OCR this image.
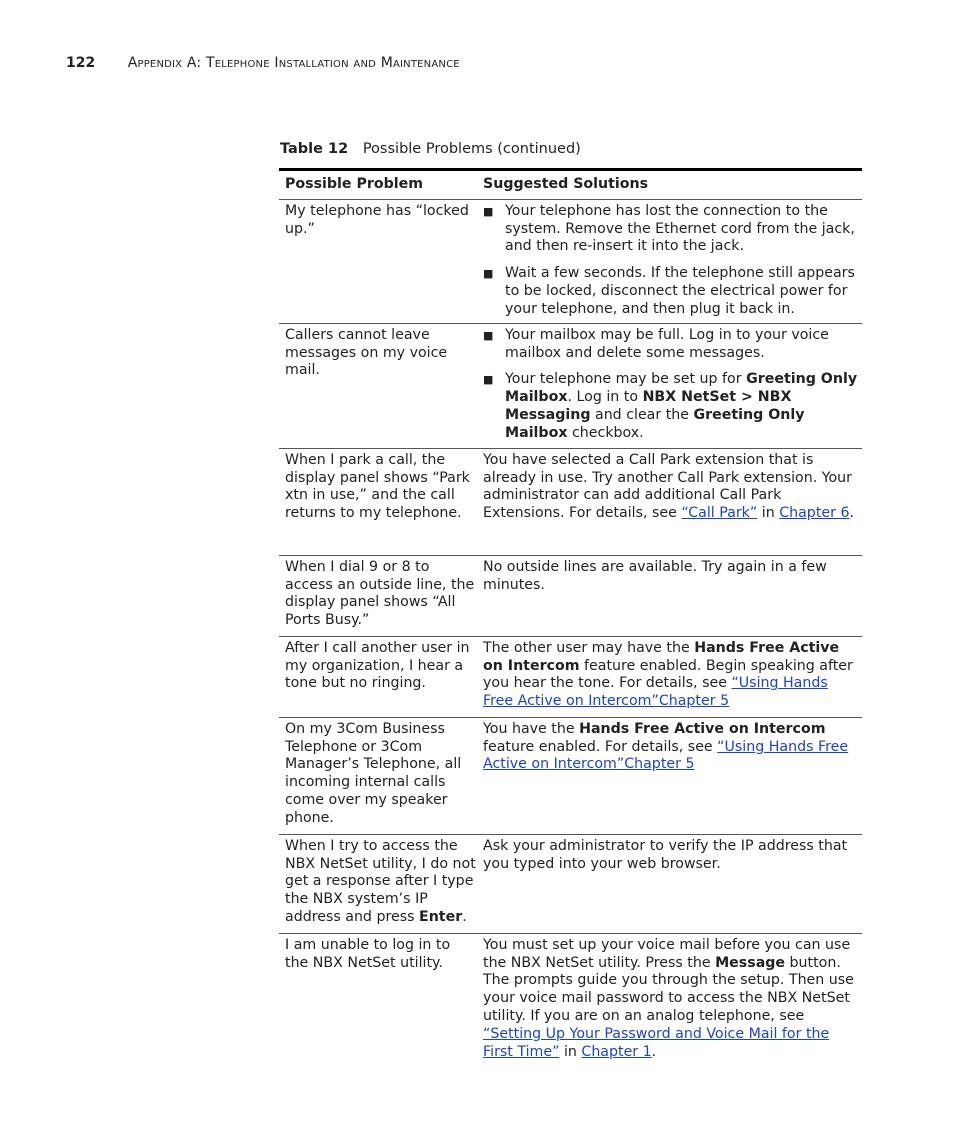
122 Appendix A: Telephone Installation and Maintenance
Table 12 Possible Problems (continued)
Possible Problem	Suggested Solutions
My telephone has “locked up.”
■ Your telephone has lost the connection to the system. Remove the Ethernet cord from the jack, and then re-insert it into the jack.
■ Wait a few seconds. If the telephone still appears to be locked, disconnect the electrical power for your telephone, and then plug it back in.
Callers cannot leave messages on my voice mail.
■ Your mailbox may be full. Log in to your voice mailbox and delete some messages.
■ Your telephone may be set up for Greeting Only Mailbox. Log in to NBX NetSet > NBX Messaging and clear the Greeting Only Mailbox checkbox.
When I park a call, the display panel shows “Park xtn in use,” and the call returns to my telephone.
You have selected a Call Park extension that is already in use. Try another Call Park extension. Your administrator can add additional Call Park Extensions. For details, see “Call Park” in Chapter 6.
When I dial 9 or 8 to access an outside line, the display panel shows “All Ports Busy.”
No outside lines are available. Try again in a few minutes.
After I call another user in my organization, I hear a tone but no ringing.
The other user may have the Hands Free Active on Intercom feature enabled. Begin speaking after you hear the tone. For details, see “Using Hands Free Active on Intercom”Chapter 5
On my 3Com Business Telephone or 3Com Manager’s Telephone, all incoming internal calls come over my speaker phone.
You have the Hands Free Active on Intercom feature enabled. For details, see “Using Hands Free Active on Intercom”Chapter 5
When I try to access the NBX NetSet utility, I do not get a response after I type the NBX system’s IP address and press Enter.
Ask your administrator to verify the IP address that you typed into your web browser.
I am unable to log in to the NBX NetSet utility.
You must set up your voice mail before you can use the NBX NetSet utility. Press the Message button. The prompts guide you through the setup. Then use your voice mail password to access the NBX NetSet utility. If you are on an analog telephone, see “Setting Up Your Password and Voice Mail for the First Time” in Chapter 1.
